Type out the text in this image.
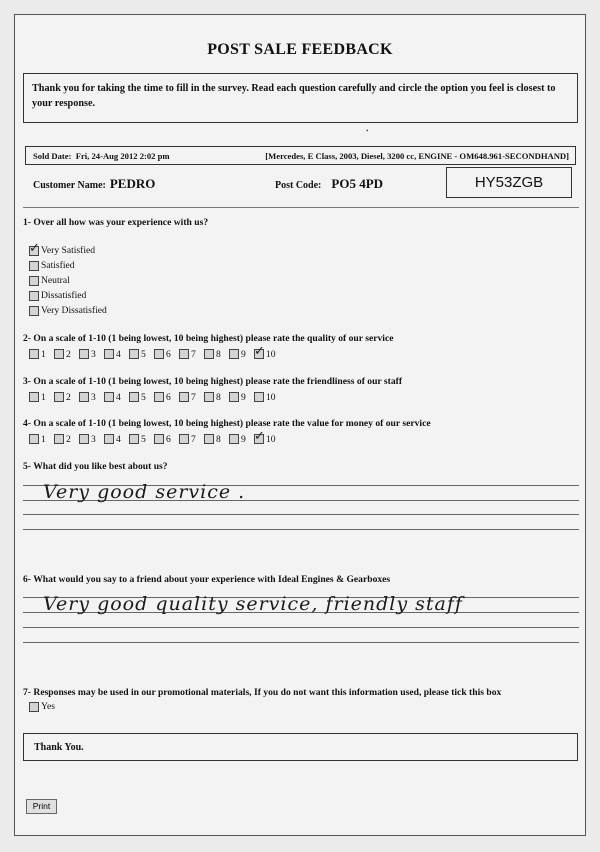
POST SALE FEEDBACK
Thank you for taking the time to fill in the survey. Read each question carefully and circle the option you feel is closest to your response.
•
Sold Date: Fri, 24-Aug 2012 2:02 pm	[Mercedes, E Class, 2003, Diesel, 3200 cc, ENGINE - OM648.961-SECONDHAND]
Customer Name: PEDRO	Post Code: PO5 4PD	HY53ZGB
1- Over all how was your experience with us?
✓
Very Satisfied
Satisfied
Neutral
Dissatisfied
Very Dissatisfied
2- On a scale of 1-10 (1 being lowest, 10 being highest) please rate the quality of our service
1 2 3 4 5 6 7 8 9 ✓ 10
3- On a scale of 1-10 (1 being lowest, 10 being highest) please rate the friendliness of our staff
1 2 3 4 5 6 7 8 9 10
4- On a scale of 1-10 (1 being lowest, 10 being highest) please rate the value for money of our service
1 2 3 4 5 6 7 8 9 ✓ 10
5- What did you like best about us?
Very good service .
6- What would you say to a friend about your experience with Ideal Engines & Gearboxes
Very good quality service, friendly staff
7- Responses may be used in our promotional materials, If you do not want this information used, please tick this box
Yes
Thank You.
Print
